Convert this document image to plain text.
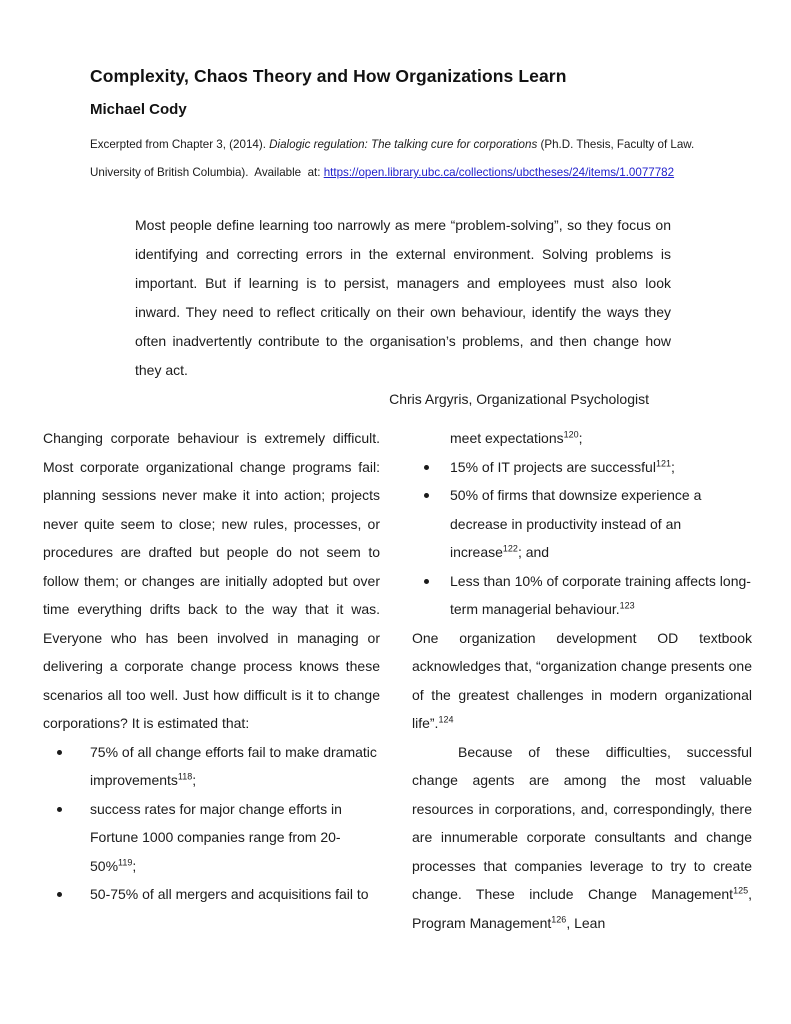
Complexity, Chaos Theory and How Organizations Learn
Michael Cody
Excerpted from Chapter 3, (2014). Dialogic regulation: The talking cure for corporations (Ph.D. Thesis, Faculty of Law.
University of British Columbia).  Available  at: https://open.library.ubc.ca/collections/ubctheses/24/items/1.0077782
Most people define learning too narrowly as mere “problem-solving”, so they focus on identifying and correcting errors in the external environment. Solving problems is important. But if learning is to persist, managers and employees must also look inward. They need to reflect critically on their own behaviour, identify the ways they often inadvertently contribute to the organisation’s problems, and then change how they act.
Chris Argyris, Organizational Psychologist
Changing corporate behaviour is extremely difficult. Most corporate organizational change programs fail: planning sessions never make it into action; projects never quite seem to close; new rules, processes, or procedures are drafted but people do not seem to follow them; or changes are initially adopted but over time everything drifts back to the way that it was. Everyone who has been involved in managing or delivering a corporate change process knows these scenarios all too well. Just how difficult is it to change corporations? It is estimated that:
75% of all change efforts fail to make dramatic improvements$^{118}$;
success rates for major change efforts in Fortune 1000 companies range from 20-50%$^{119}$;
50-75% of all mergers and acquisitions fail to
meet expectations$^{120}$;
15% of IT projects are successful$^{121}$;
50% of firms that downsize experience a decrease in productivity instead of an increase$^{122}$; and
Less than 10% of corporate training affects long-term managerial behaviour.$^{123}$
One organization development OD textbook acknowledges that, “organization change presents one of the greatest challenges in modern organizational life”.$^{124}$
Because of these difficulties, successful change agents are among the most valuable resources in corporations, and, correspondingly, there are innumerable corporate consultants and change processes that companies leverage to try to create change. These include Change Management$^{125}$, Program Management$^{126}$, Lean
